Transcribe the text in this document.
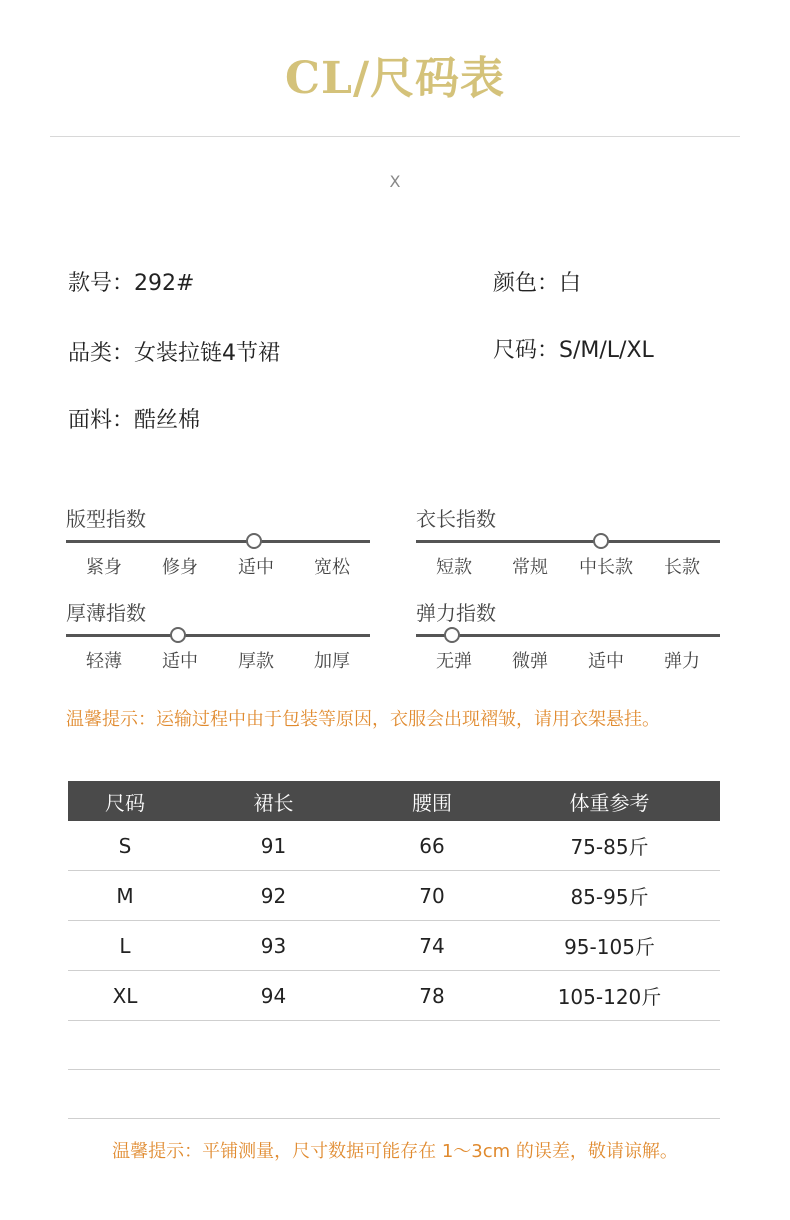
CL/尺码表
X
款号：292#	颜色：白
品类：女装拉链4节裙	尺码：S/M/L/XL
面料：酷丝棉
版型指数
紧身	修身	适中	宽松
衣长指数
短款	常规	中长款	长款
厚薄指数
轻薄	适中	厚款	加厚
弹力指数
无弹	微弹	适中	弹力
温馨提示：运输过程中由于包装等原因，衣服会出现褶皱，请用衣架悬挂。
尺码	裙长	腰围	体重参考
S	91	66	75-85斤
M	92	70	85-95斤
L	93	74	95-105斤
XL	94	78	105-120斤
温馨提示：平铺测量，尺寸数据可能存在 1～3cm 的误差，敬请谅解。
